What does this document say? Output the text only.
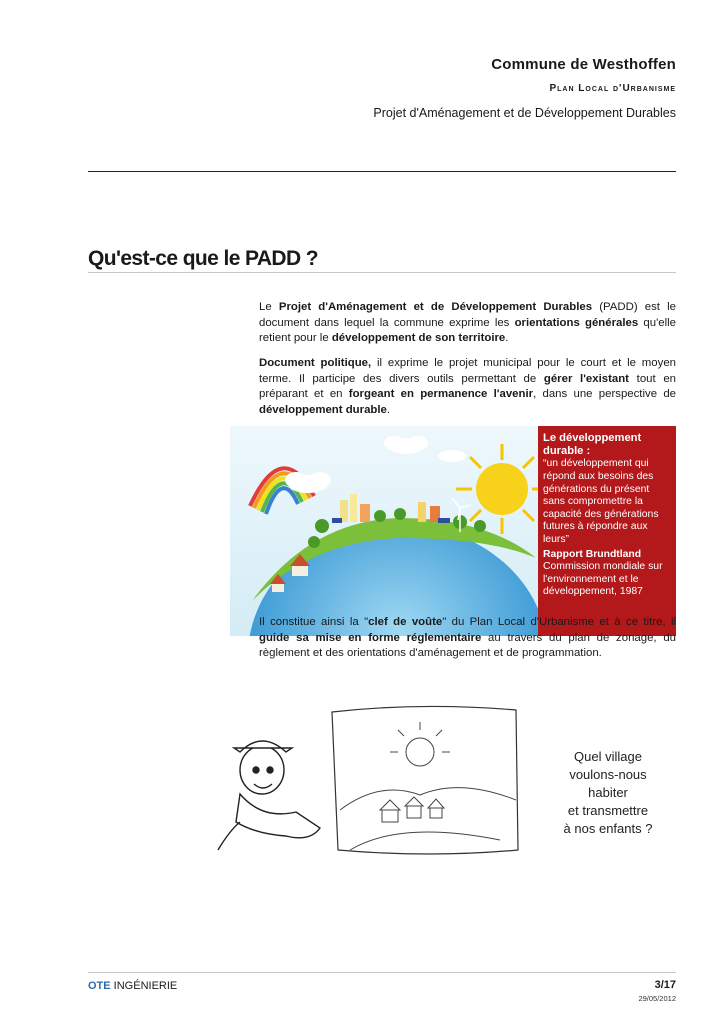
Commune de Westhoffen
Plan Local d'Urbanisme
Projet d'Aménagement et de Développement Durables
Qu'est-ce que le PADD ?
Le Projet d'Aménagement et de Développement Durables (PADD) est le document dans lequel la commune exprime les orientations générales qu'elle retient pour le développement de son territoire.
Document politique, il exprime le projet municipal pour le court et le moyen terme. Il participe des divers outils permettant de gérer l'existant tout en préparant et en forgeant en permanence l'avenir, dans une perspective de développement durable.
Le développement durable :
“un développement qui répond aux besoins des générations du présent sans compromettre la capacité des générations futures à répondre aux leurs”
Rapport Brundtland
Commission mondiale sur l'environnement et le développement, 1987
Il constitue ainsi la "clef de voûte" du Plan Local d'Urbanisme et à ce titre, il guide sa mise en forme réglementaire au travers du plan de zonage, du règlement et des orientations d'aménagement et de programmation.
Quel village
voulons-nous
habiter
et transmettre
à nos enfants ?
OTE INGÉNIERIE	3/17
29/05/2012
